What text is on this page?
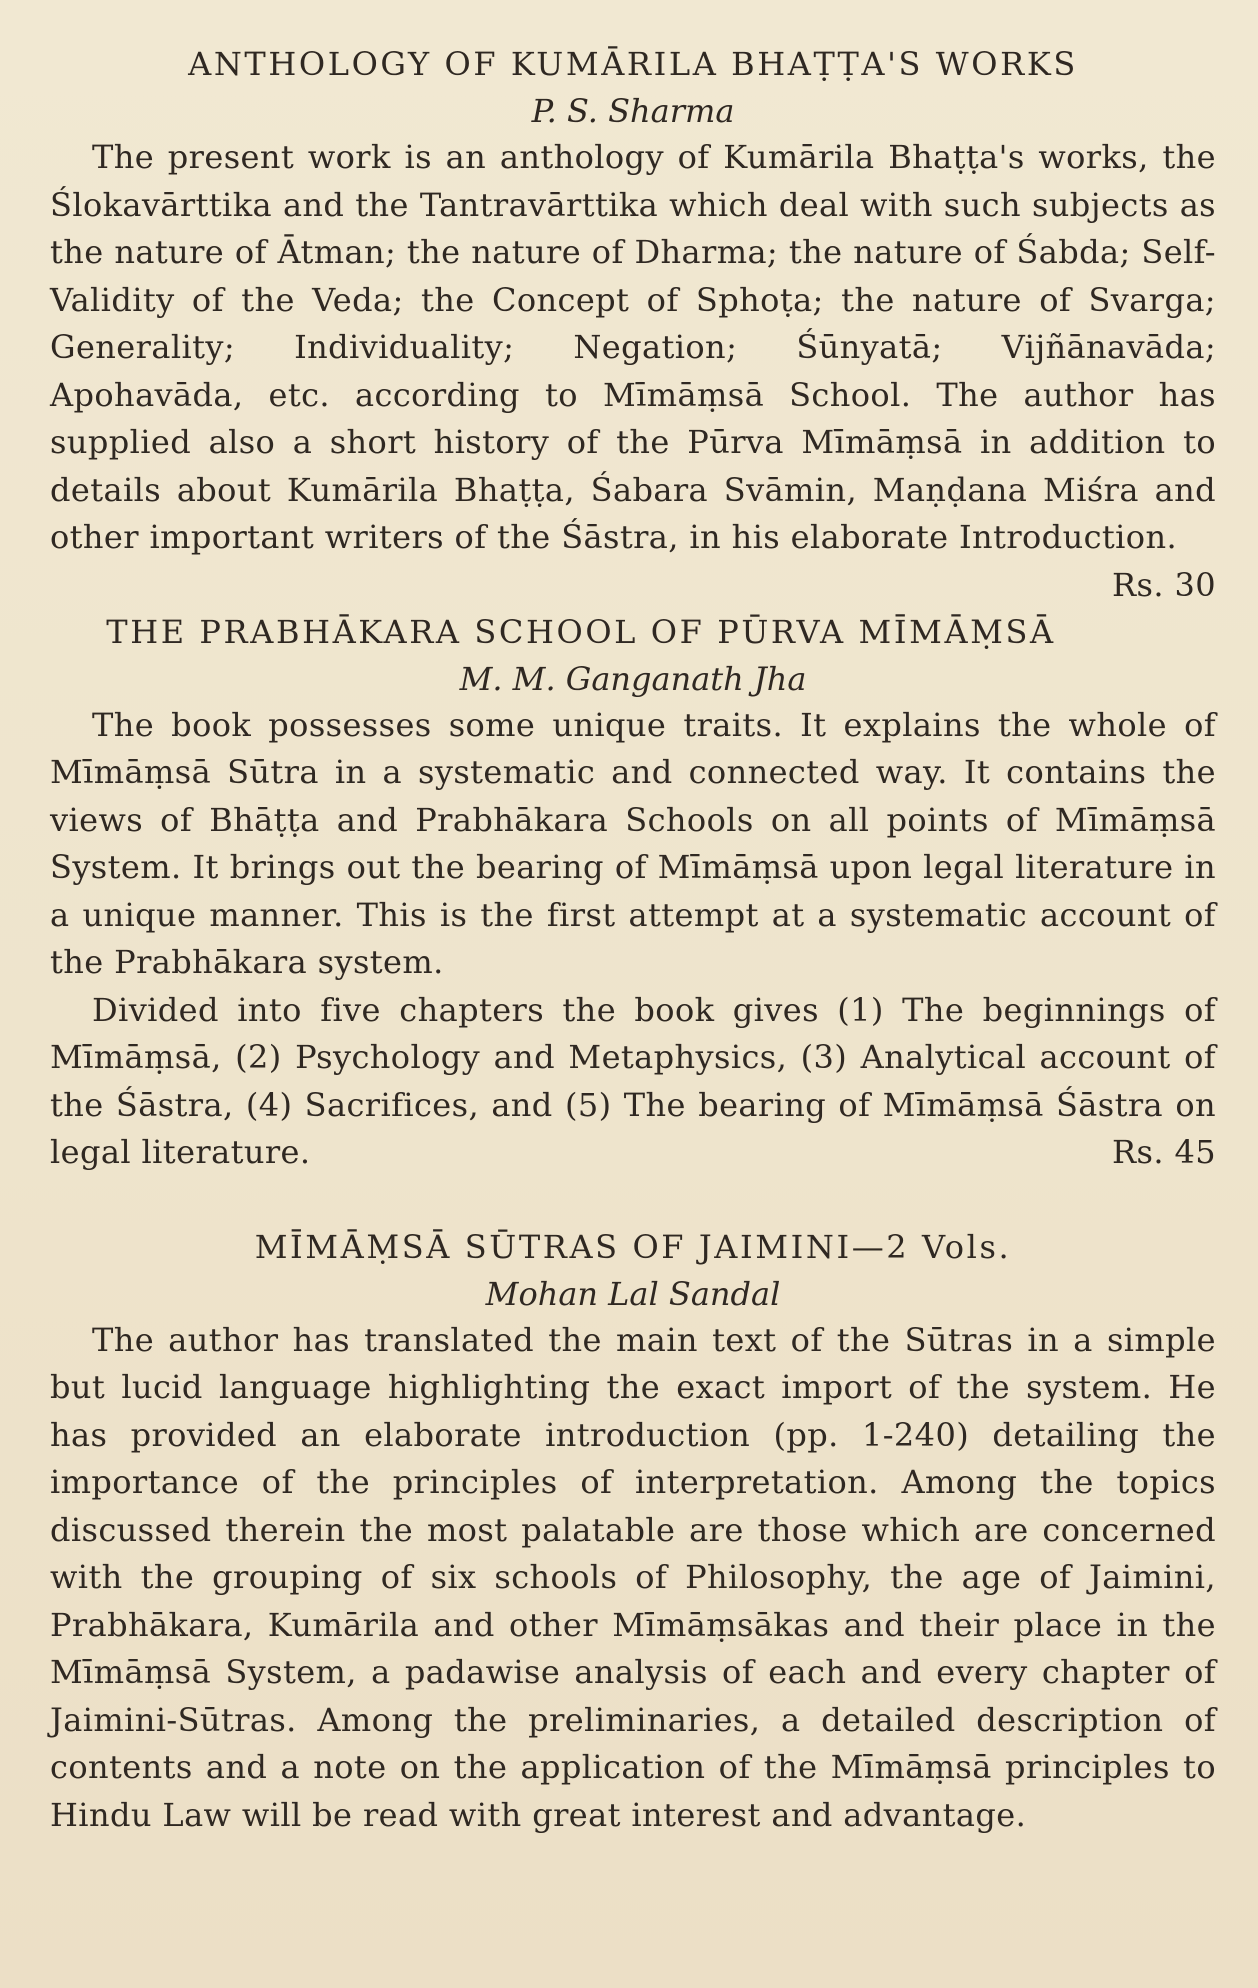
ANTHOLOGY OF KUMĀRILA BHAṬṬA'S WORKS

P. S. Sharma

The present work is an anthology of Kumārila Bhaṭṭa's works, the Ślokavārttika and the Tantravārttika which deal with such subjects as the nature of Ātman; the nature of Dharma; the nature of Śabda; Self-Validity of the Veda; the Concept of Sphoṭa; the nature of Svarga; Generality; Individuality; Negation; Śūnyatā; Vijñānavāda; Apohavāda, etc. according to Mīmāṃsā School. The author has supplied also a short history of the Pūrva Mīmāṃsā in addition to details about Kumārila Bhaṭṭa, Śabara Svāmin, Maṇḍana Miśra and other important writers of the Śāstra, in his elaborate Introduction.
Rs. 30

THE PRABHĀKARA SCHOOL OF PŪRVA MĪMĀṂSĀ

M. M. Ganganath Jha

The book possesses some unique traits. It explains the whole of Mīmāṃsā Sūtra in a systematic and connected way. It contains the views of Bhāṭṭa and Prabhākara Schools on all points of Mīmāṃsā System. It brings out the bearing of Mīmāṃsā upon legal literature in a unique manner. This is the first attempt at a systematic account of the Prabhākara system.

Divided into five chapters the book gives (1) The beginnings of Mīmāṃsā, (2) Psychology and Metaphysics, (3) Analytical account of the Śāstra, (4) Sacrifices, and (5) The bearing of Mīmāṃsā Śāstra on legal literature.	Rs. 45

MĪMĀṂSĀ SŪTRAS OF JAIMINI—2 Vols.

Mohan Lal Sandal

The author has translated the main text of the Sūtras in a simple but lucid language highlighting the exact import of the system. He has provided an elaborate introduction (pp. 1-240) detailing the importance of the principles of interpretation. Among the topics discussed therein the most palatable are those which are concerned with the grouping of six schools of Philosophy, the age of Jaimini, Prabhākara, Kumārila and other Mīmāṃsākas and their place in the Mīmāṃsā System, a padawise analysis of each and every chapter of Jaimini-Sūtras. Among the preliminaries, a detailed description of contents and a note on the application of the Mīmāṃsā principles to Hindu Law will be read with great interest and advantage.
